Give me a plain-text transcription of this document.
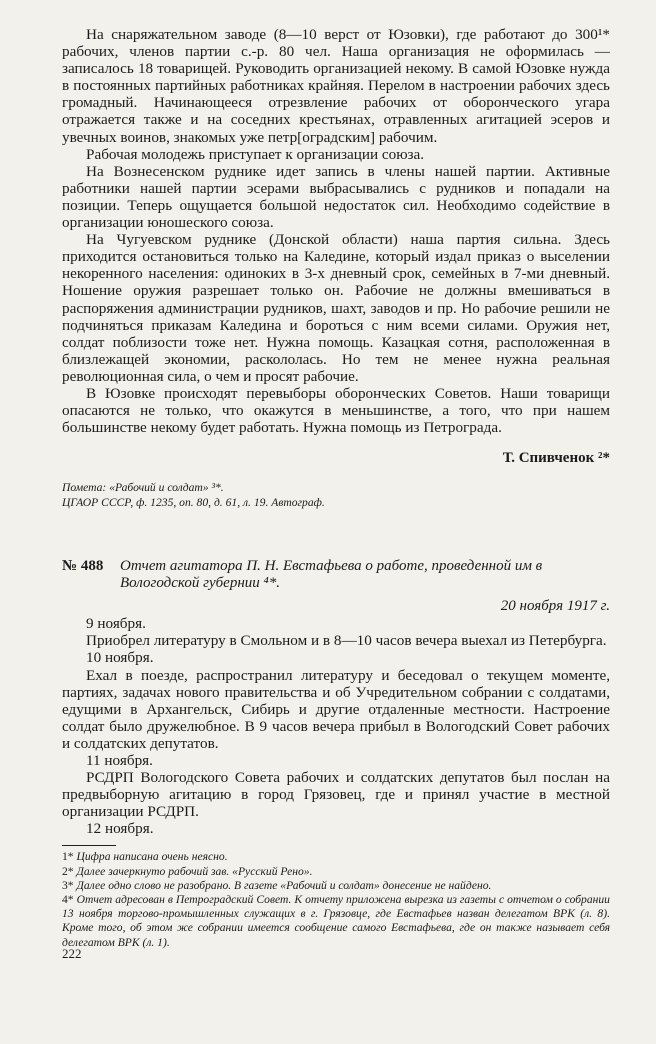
На снаряжательном заводе (8—10 верст от Юзовки), где работают до 300¹* рабочих, членов партии с.-р. 80 чел. Наша организация не оформилась — записалось 18 товарищей. Руководить организацией некому. В самой Юзовке нужда в постоянных партийных работниках крайняя. Перелом в настроении рабочих здесь громадный. Начинающееся отрезвление рабочих от оборонческого угара отражается также и на соседних крестьянах, отравленных агитацией эсеров и увечных воинов, знакомых уже петр[оградским] рабочим.

Рабочая молодежь приступает к организации союза.

На Вознесенском руднике идет запись в члены нашей партии. Активные работники нашей партии эсерами выбрасывались с рудников и попадали на позиции. Теперь ощущается большой недостаток сил. Необходимо содействие в организации юношеского союза.

На Чугуевском руднике (Донской области) наша партия сильна. Здесь приходится остановиться только на Каледине, который издал приказ о выселении некоренного населения: одиноких в 3-х дневный срок, семейных в 7-ми дневный. Ношение оружия разрешает только он. Рабочие не должны вмешиваться в распоряжения администрации рудников, шахт, заводов и пр. Но рабочие решили не подчиняться приказам Каледина и бороться с ним всеми силами. Оружия нет, солдат поблизости тоже нет. Нужна помощь. Казацкая сотня, расположенная в близлежащей экономии, раскололась. Но тем не менее нужна реальная революционная сила, о чем и просят рабочие.

В Юзовке происходят перевыборы оборонческих Советов. Наши товарищи опасаются не только, что окажутся в меньшинстве, а того, что при нашем большинстве некому будет работать. Нужна помощь из Петрограда.

Т. Спивченок ²*
Помета: «Рабочий и солдат» ³*.
ЦГАОР СССР, ф. 1235, оп. 80, д. 61, л. 19. Автограф.
№ 488	Отчет агитатора П. Н. Евстафьева о работе, проведенной им в Вологодской губернии ⁴*.
20 ноября 1917 г.
9 ноября.

Приобрел литературу в Смольном и в 8—10 часов вечера выехал из Петербурга.

10 ноября.

Ехал в поезде, распространил литературу и беседовал о текущем моменте, партиях, задачах нового правительства и об Учредительном собрании с солдатами, едущими в Архангельск, Сибирь и другие отдаленные местности. Настроение солдат было дружелюбное. В 9 часов вечера прибыл в Вологодский Совет рабочих и солдатских депутатов.

11 ноября.

РСДРП Вологодского Совета рабочих и солдатских депутатов был послан на предвыборную агитацию в город Грязовец, где и принял участие в местной организации РСДРП.

12 ноября.
1* Цифра написана очень неясно.
2* Далее зачеркнуто рабочий зав. «Русский Рено».
3* Далее одно слово не разобрано. В газете «Рабочий и солдат» донесение не найдено.
4* Отчет адресован в Петроградский Совет. К отчету приложена вырезка из газеты с отчетом о собрании 13 ноября торгово-промышленных служащих в г. Грязовце, где Евстафьев назван делегатом ВРК (л. 8). Кроме того, об этом же собрании имеется сообщение самого Евстафьева, где он также называет себя делегатом ВРК (л. 1).
222
